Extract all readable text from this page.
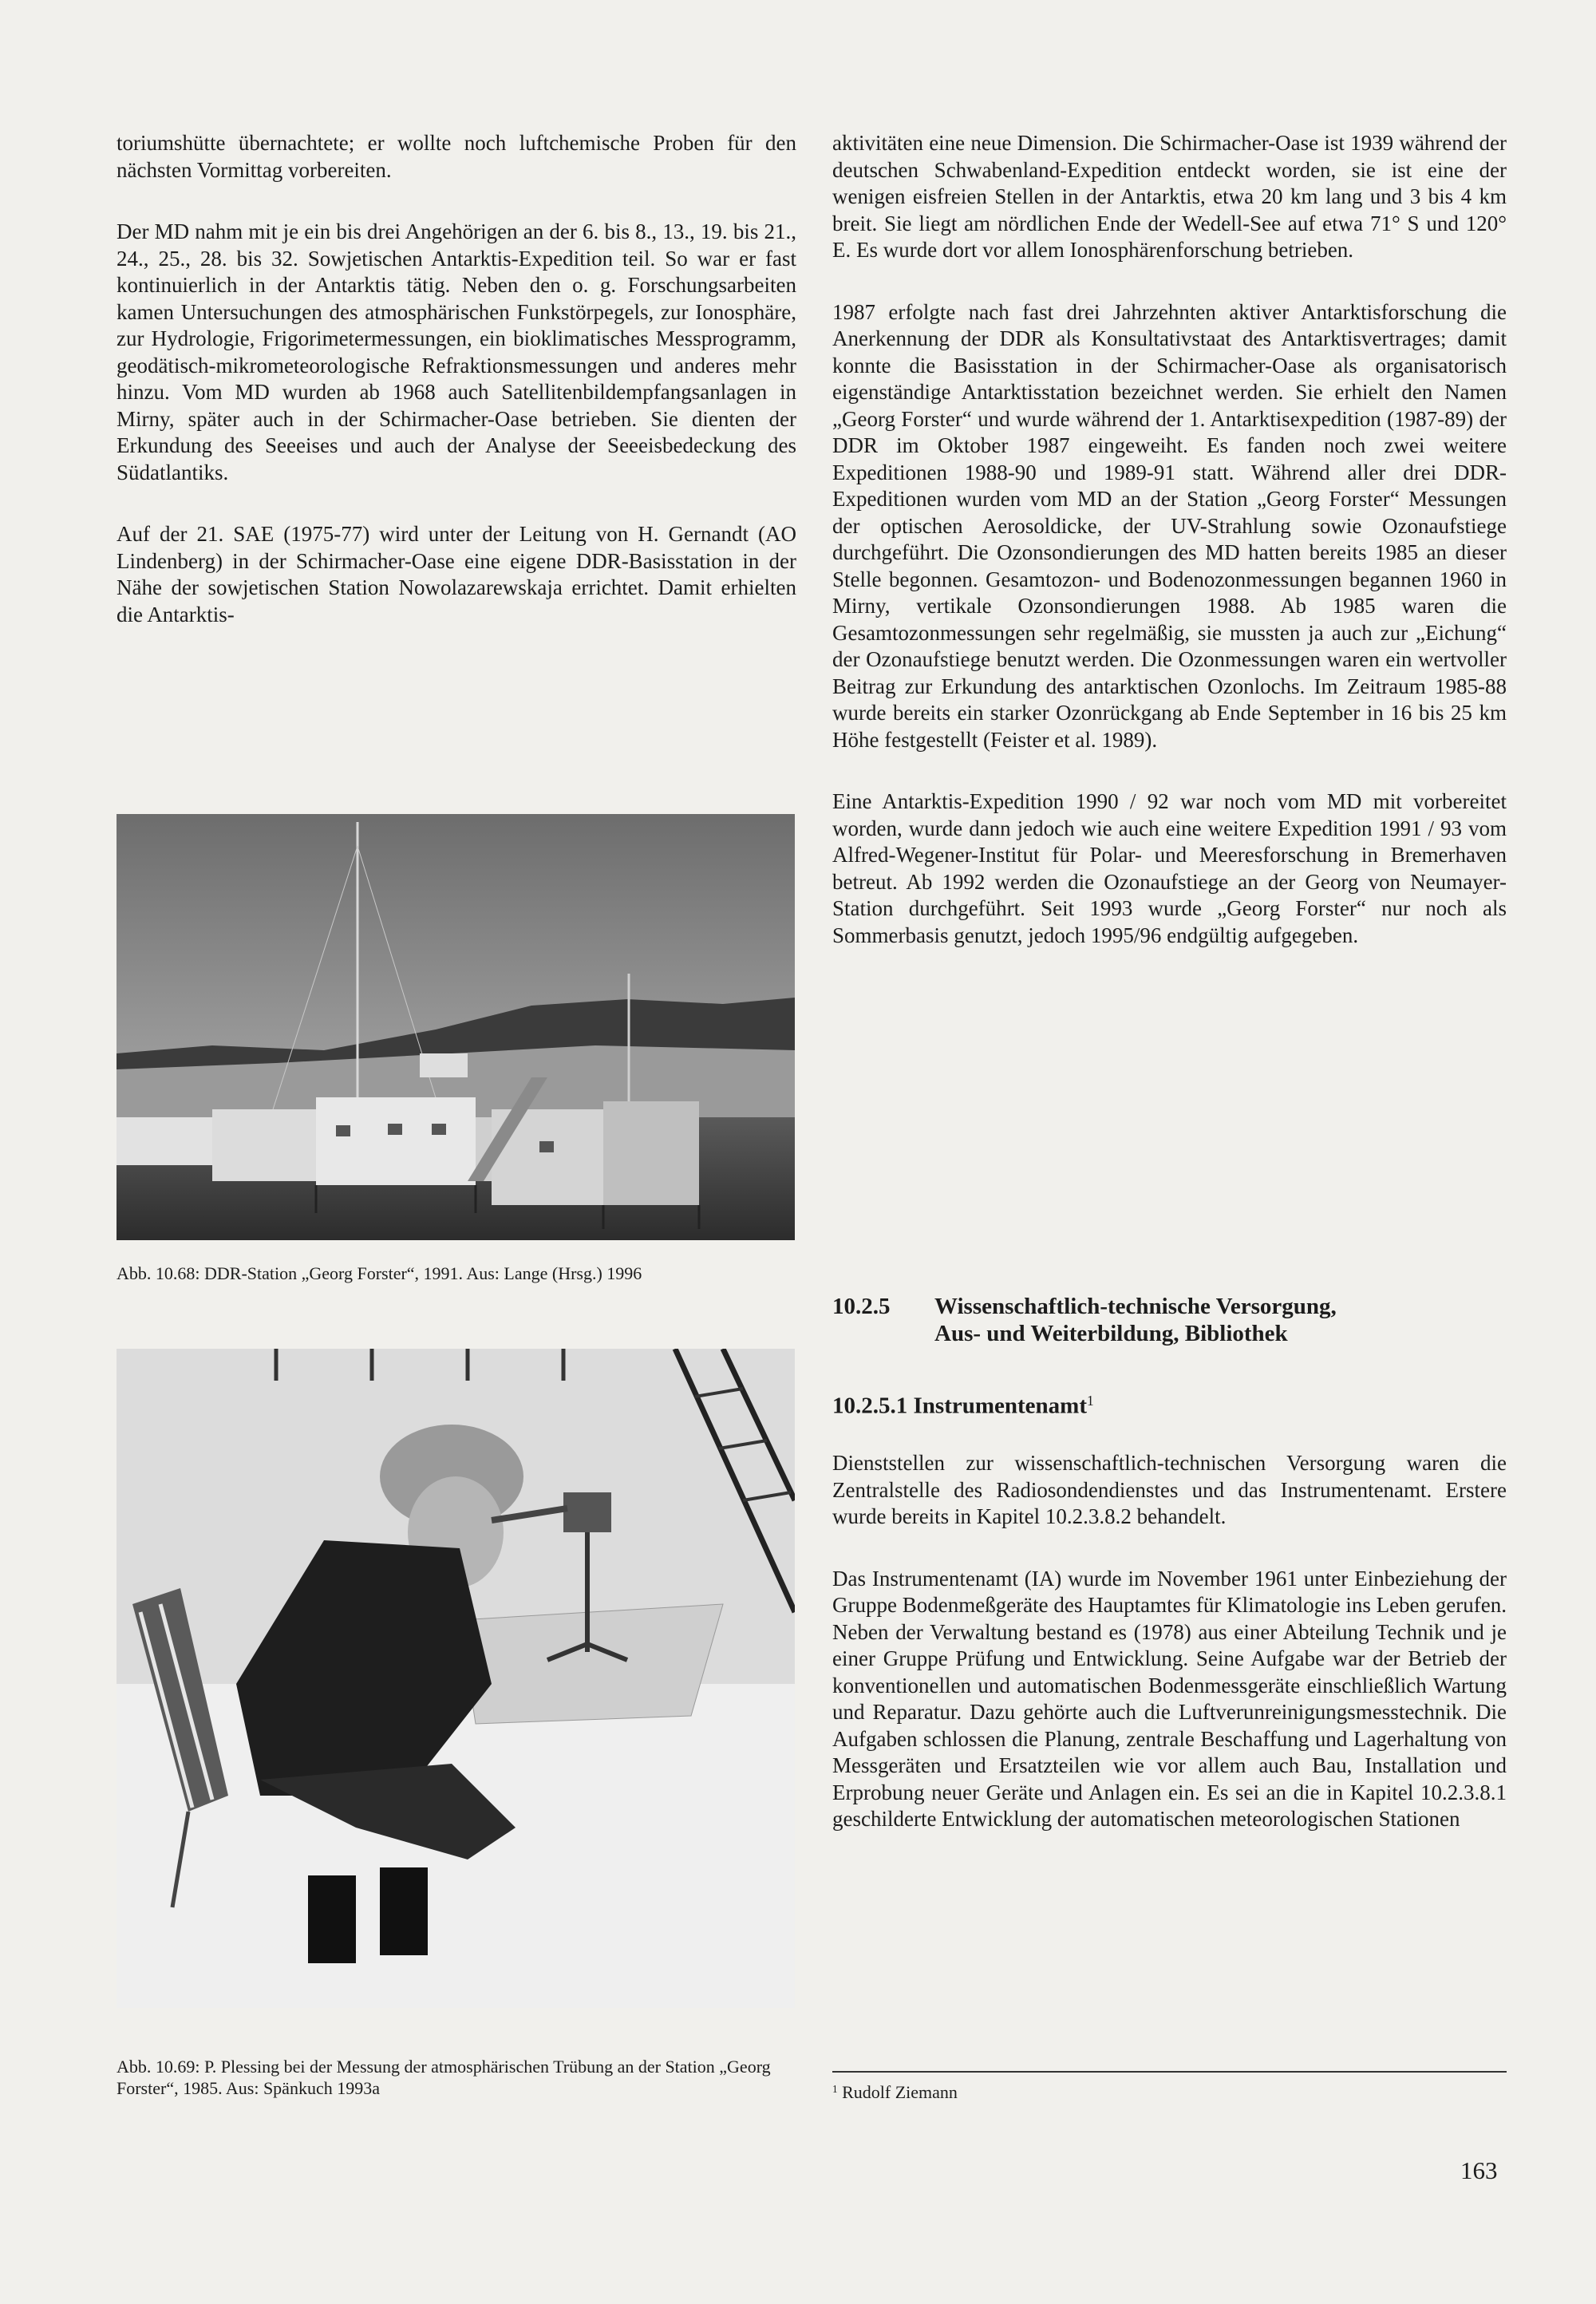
toriumshütte übernachtete; er wollte noch luftchemische Proben für den nächsten Vormittag vorbereiten.

Der MD nahm mit je ein bis drei Angehörigen an der 6. bis 8., 13., 19. bis 21., 24., 25., 28. bis 32. Sowjetischen Antarktis-Expedition teil. So war er fast kontinuierlich in der Antarktis tätig. Neben den o. g. Forschungsarbeiten kamen Untersuchungen des atmosphärischen Funkstörpegels, zur Ionosphäre, zur Hydrologie, Frigorimetermessungen, ein bioklimatisches Messprogramm, geodätisch-mikrometeorologische Refraktionsmessungen und anderes mehr hinzu. Vom MD wurden ab 1968 auch Satellitenbildempfangsanlagen in Mirny, später auch in der Schirmacher-Oase betrieben. Sie dienten der Erkundung des Seeeises und auch der Analyse der Seeeisbedeckung des Südatlantiks.

Auf der 21. SAE (1975-77) wird unter der Leitung von H. Gernandt (AO Lindenberg) in der Schirmacher-Oase eine eigene DDR-Basisstation in der Nähe der sowjetischen Station Nowolazarewskaja errichtet. Damit erhielten die Antarktis-

Abb. 10.68: DDR-Station „Georg Forster“, 1991. Aus: Lange (Hrsg.) 1996
Abb. 10.69: P. Plessing bei der Messung der atmosphärischen Trübung an der Station „Georg Forster“, 1985. Aus: Spänkuch 1993a

aktivitäten eine neue Dimension. Die Schirmacher-Oase ist 1939 während der deutschen Schwabenland-Expedition entdeckt worden, sie ist eine der wenigen eisfreien Stellen in der Antarktis, etwa 20 km lang und 3 bis 4 km breit. Sie liegt am nördlichen Ende der Wedell-See auf etwa 71° S und 120° E. Es wurde dort vor allem Ionosphärenforschung betrieben.

1987 erfolgte nach fast drei Jahrzehnten aktiver Antarktisforschung die Anerkennung der DDR als Konsultativstaat des Antarktisvertrages; damit konnte die Basisstation in der Schirmacher-Oase als organisatorisch eigenständige Antarktisstation bezeichnet werden. Sie erhielt den Namen „Georg Forster“ und wurde während der 1. Antarktisexpedition (1987-89) der DDR im Oktober 1987 eingeweiht. Es fanden noch zwei weitere Expeditionen 1988-90 und 1989-91 statt. Während aller drei DDR-Expeditionen wurden vom MD an der Station „Georg Forster“ Messungen der optischen Aerosoldicke, der UV-Strahlung sowie Ozonaufstiege durchgeführt. Die Ozonsondierungen des MD hatten bereits 1985 an dieser Stelle begonnen. Gesamtozon- und Bodenozonmessungen begannen 1960 in Mirny, vertikale Ozonsondierungen 1988. Ab 1985 waren die Gesamtozonmessungen sehr regelmäßig, sie mussten ja auch zur „Eichung“ der Ozonaufstiege benutzt werden. Die Ozonmessungen waren ein wertvoller Beitrag zur Erkundung des antarktischen Ozonlochs. Im Zeitraum 1985-88 wurde bereits ein starker Ozonrückgang ab Ende September in 16 bis 25 km Höhe festgestellt (Feister et al. 1989).

Eine Antarktis-Expedition 1990 / 92 war noch vom MD mit vorbereitet worden, wurde dann jedoch wie auch eine weitere Expedition 1991 / 93 vom Alfred-Wegener-Institut für Polar- und Meeresforschung in Bremerhaven betreut. Ab 1992 werden die Ozonaufstiege an der Georg von Neumayer-Station durchgeführt. Seit 1993 wurde „Georg Forster“ nur noch als Sommerbasis genutzt, jedoch 1995/96 endgültig aufgegeben.

10.2.5 Wissenschaftlich-technische Versorgung,
Aus- und Weiterbildung, Bibliothek
10.2.5.1 Instrumentenamt$^1$

Dienststellen zur wissenschaftlich-technischen Versorgung waren die Zentralstelle des Radiosondendienstes und das Instrumentenamt. Erstere wurde bereits in Kapitel 10.2.3.8.2 behandelt.

Das Instrumentenamt (IA) wurde im November 1961 unter Einbeziehung der Gruppe Bodenmeßgeräte des Hauptamtes für Klimatologie ins Leben gerufen. Neben der Verwaltung bestand es (1978) aus einer Abteilung Technik und je einer Gruppe Prüfung und Entwicklung. Seine Aufgabe war der Betrieb der konventionellen und automatischen Bodenmessgeräte einschließlich Wartung und Reparatur. Dazu gehörte auch die Luftverunreinigungsmesstechnik. Die Aufgaben schlossen die Planung, zentrale Beschaffung und Lagerhaltung von Messgeräten und Ersatzteilen wie vor allem auch Bau, Installation und Erprobung neuer Geräte und Anlagen ein. Es sei an die in Kapitel 10.2.3.8.1 geschilderte Entwicklung der automatischen meteorologischen Stationen

$^1$ Rudolf Ziemann
163
